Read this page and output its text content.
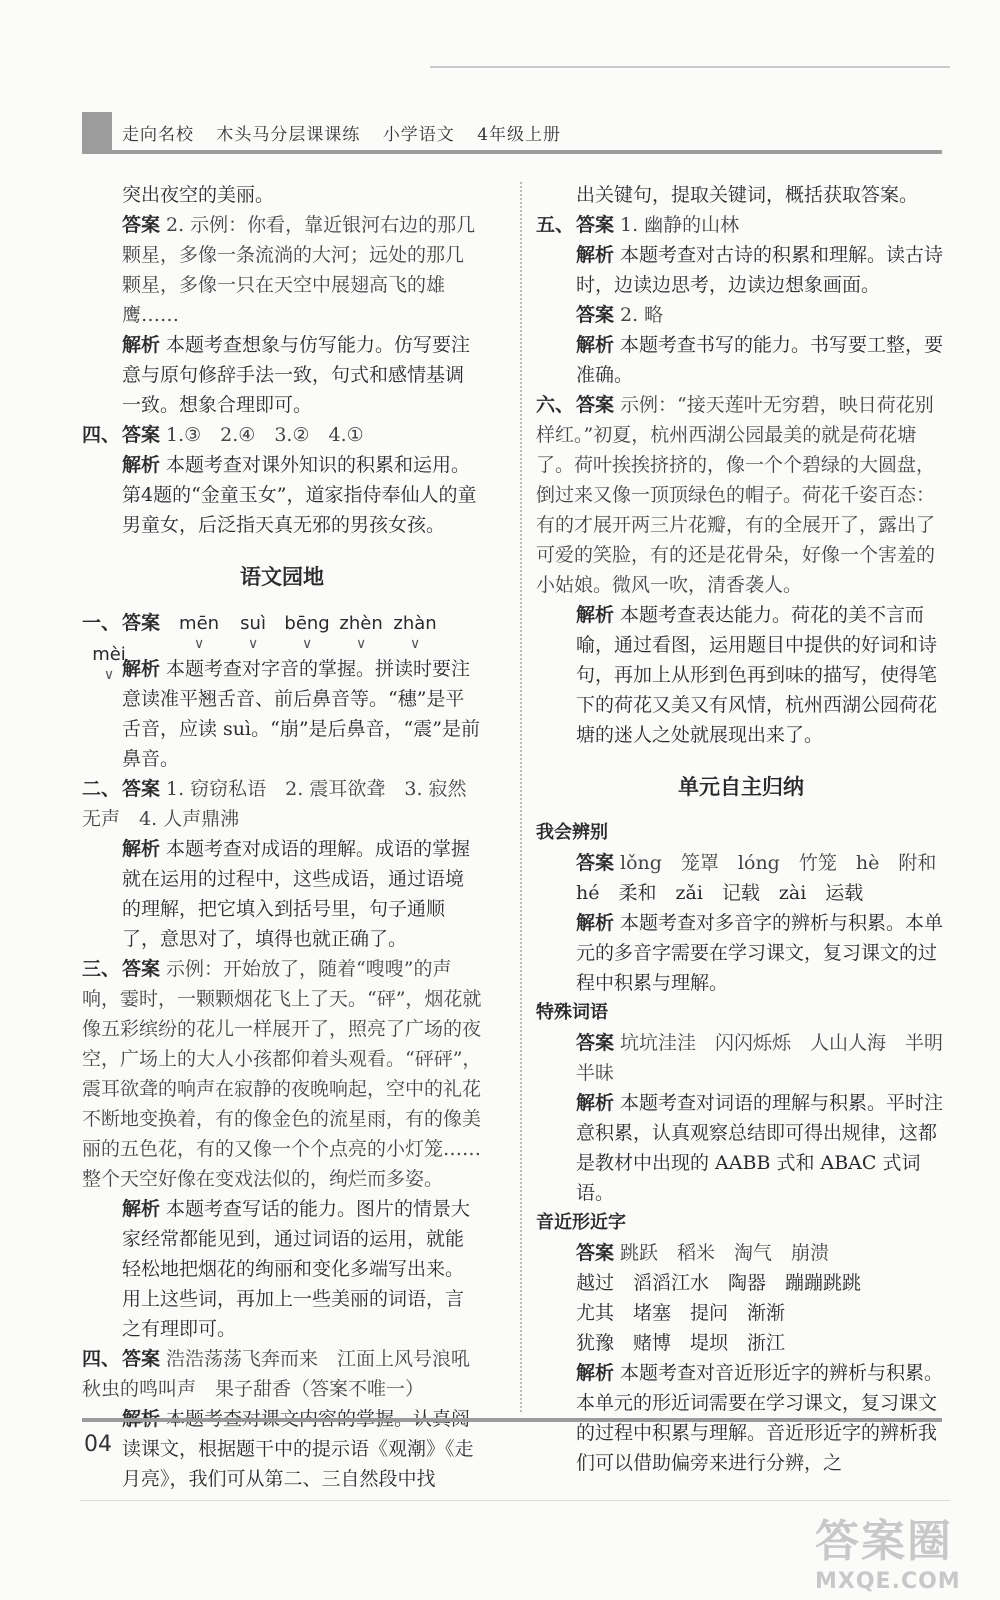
走向名校 木头马分层课课练 小学语文 4年级上册

突出夜空的美丽。

答案 2. 示例：你看，靠近银河右边的那几颗星，多像一条流淌的大河；远处的那几颗星，多像一只在天空中展翅高飞的雄鹰……

解析 本题考查想象与仿写能力。仿写要注意与原句修辞手法一致，句式和感情基调一致。想象合理即可。

四、 答案 1.③　2.④　3.②　4.①

解析 本题考查对课外知识的积累和运用。第4题的“金童玉女”，道家指侍奉仙人的童男童女，后泛指天真无邪的男孩女孩。

语文园地

一、 答案 mēn
∨
suì
∨
bēng
∨
zhèn
∨
zhàn
∨
mèi
∨ 解析 本题考查对字音的掌握。拼读时要注意读准平翘舌音、前后鼻音等。“穗”是平舌音，应读 suì。“崩”是后鼻音，“震”是前鼻音。

二、 答案 1. 窃窃私语　2. 震耳欲聋　3. 寂然无声　4. 人声鼎沸

解析 本题考查对成语的理解。成语的掌握就在运用的过程中，这些成语，通过语境的理解，把它填入到括号里，句子通顺了，意思对了，填得也就正确了。

三、 答案 示例：开始放了，随着“嗖嗖”的声响，霎时，一颗颗烟花飞上了天。“砰”，烟花就像五彩缤纷的花儿一样展开了，照亮了广场的夜空，广场上的大人小孩都仰着头观看。“砰砰”，震耳欲聋的响声在寂静的夜晚响起，空中的礼花不断地变换着，有的像金色的流星雨，有的像美丽的五色花，有的又像一个个点亮的小灯笼……整个天空好像在变戏法似的，绚烂而多姿。

解析 本题考查写话的能力。图片的情景大家经常都能见到，通过词语的运用，就能轻松地把烟花的绚丽和变化多端写出来。用上这些词，再加上一些美丽的词语，言之有理即可。

四、 答案 浩浩荡荡飞奔而来　江面上风号浪吼　秋虫的鸣叫声　果子甜香（答案不唯一）

读课文，根据题干中的提示语《观潮》《走月亮》，我们可从第二、三自然段中找

出关键句，提取关键词，概括获取答案。

五、 答案 1. 幽静的山林

解析 本题考查对古诗的积累和理解。读古诗时，边读边思考，边读边想象画面。

答案 2. 略

解析 本题考查书写的能力。书写要工整，要准确。

六、 答案 示例：“接天莲叶无穷碧，映日荷花别样红。”初夏，杭州西湖公园最美的就是荷花塘了。荷叶挨挨挤挤的，像一个个碧绿的大圆盘，倒过来又像一顶顶绿色的帽子。荷花千姿百态：有的才展开两三片花瓣，有的全展开了，露出了可爱的笑脸，有的还是花骨朵，好像一个害羞的小姑娘。微风一吹，清香袭人。

解析 本题考查表达能力。荷花的美不言而喻，通过看图，运用题目中提供的好词和诗句，再加上从形到色再到味的描写，使得笔下的荷花又美又有风情，杭州西湖公园荷花塘的迷人之处就展现出来了。

单元自主归纳

我会辨别

答案 lǒng　笼罩　lóng　竹笼　hè　附和

hé　柔和　zǎi　记载　zài　运载

解析 本题考查对多音字的辨析与积累。本单元的多音字需要在学习课文，复习课文的过程中积累与理解。

特殊词语

答案 坑坑洼洼　闪闪烁烁　人山人海　半明半昧

解析 本题考查对词语的理解与积累。平时注意积累，认真观察总结即可得出规律，这都是教材中出现的 AABB 式和 ABAC 式词语。

音近形近字

答案 跳跃　稻米　淘气　崩溃

越过　滔滔江水　陶器　蹦蹦跳跳

尤其　堵塞　提问　渐渐

犹豫　赌博　堤坝　浙江

解析 本题考查对音近形近字的辨析与积累。本单元的形近词需要在学习课文，复习课文的过程中积累与理解。音近形近字的辨析我们可以借助偏旁来进行分辨，之

04
答案圈
MXQE.COM
